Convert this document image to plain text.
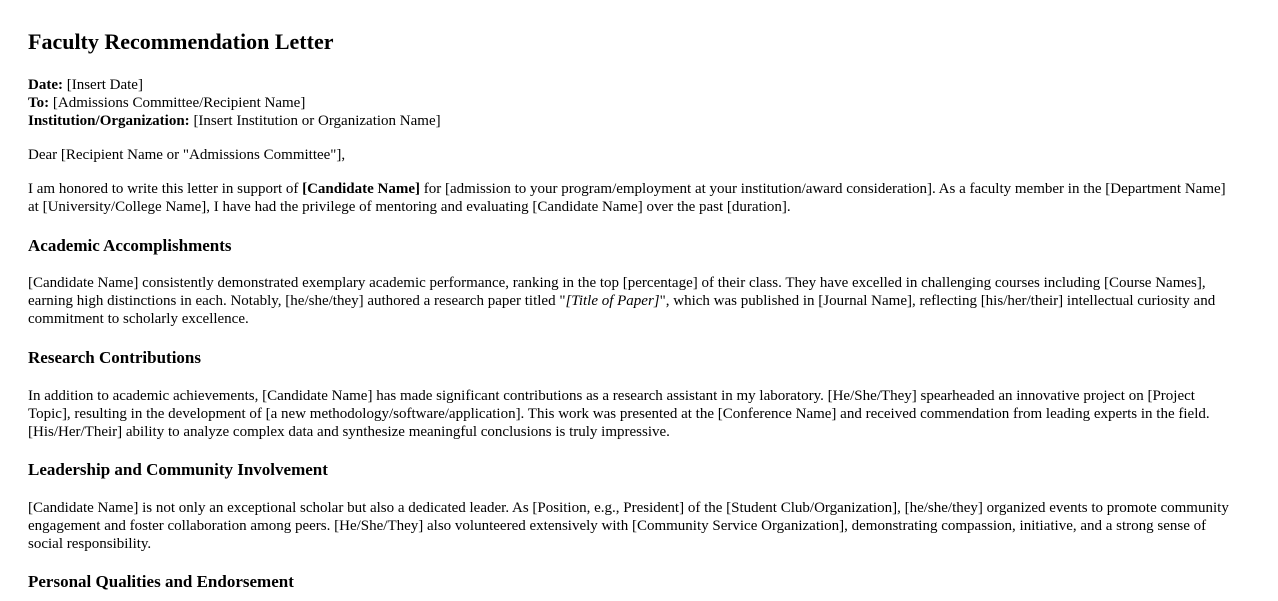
Faculty Recommendation Letter
Date: [Insert Date]
To: [Admissions Committee/Recipient Name]
Institution/Organization: [Insert Institution or Organization Name]

Dear [Recipient Name or "Admissions Committee"],

I am honored to write this letter in support of [Candidate Name] for [admission to your program/employment at your institution/award consideration]. As a faculty member in the [Department Name] at [University/College Name], I have had the privilege of mentoring and evaluating [Candidate Name] over the past [duration].

Academic Accomplishments

[Candidate Name] consistently demonstrated exemplary academic performance, ranking in the top [percentage] of their class. They have excelled in challenging courses including [Course Names], earning high distinctions in each. Notably, [he/she/they] authored a research paper titled "[Title of Paper]", which was published in [Journal Name], reflecting [his/her/their] intellectual curiosity and commitment to scholarly excellence.

Research Contributions

In addition to academic achievements, [Candidate Name] has made significant contributions as a research assistant in my laboratory. [He/She/They] spearheaded an innovative project on [Project Topic], resulting in the development of [a new methodology/software/application]. This work was presented at the [Conference Name] and received commendation from leading experts in the field. [His/Her/Their] ability to analyze complex data and synthesize meaningful conclusions is truly impressive.

Leadership and Community Involvement

[Candidate Name] is not only an exceptional scholar but also a dedicated leader. As [Position, e.g., President] of the [Student Club/Organization], [he/she/they] organized events to promote community engagement and foster collaboration among peers. [He/She/They] also volunteered extensively with [Community Service Organization], demonstrating compassion, initiative, and a strong sense of social responsibility.

Personal Qualities and Endorsement
